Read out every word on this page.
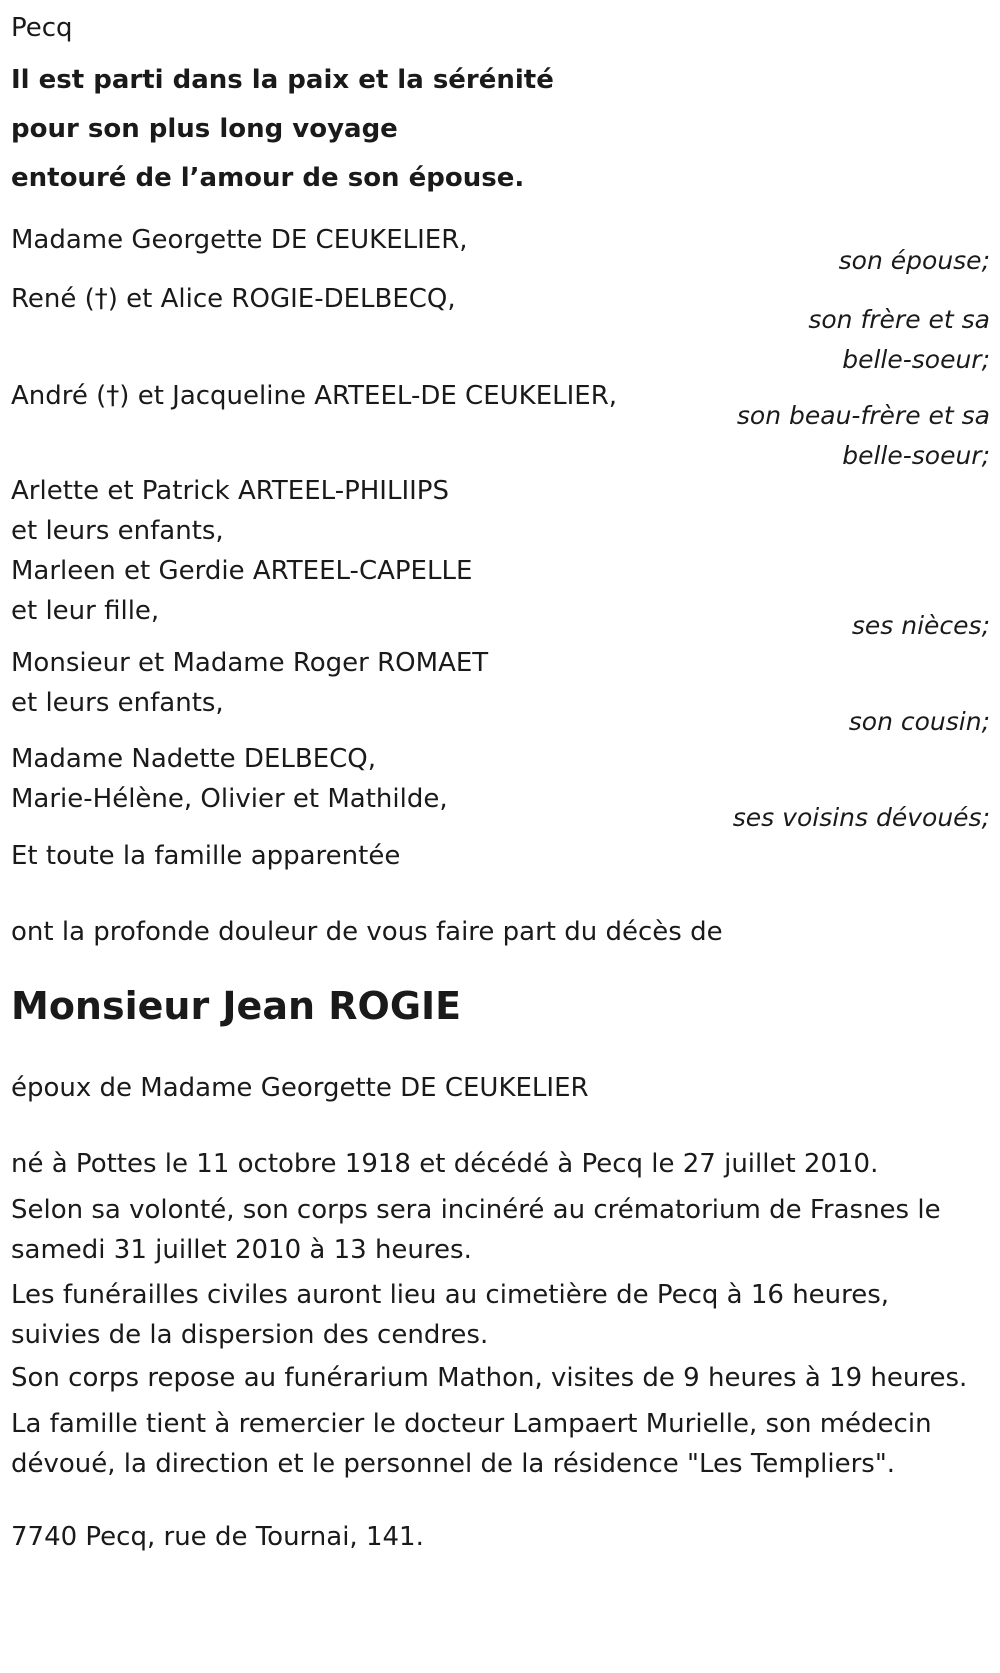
Pecq
Il est parti dans la paix et la sérénité
pour son plus long voyage
entouré de l’amour de son épouse.
Madame Georgette DE CEUKELIER,
son épouse;
René (†) et Alice ROGIE-DELBECQ,
son frère et sa
belle-soeur;
André (†) et Jacqueline ARTEEL-DE CEUKELIER,
son beau-frère et sa
belle-soeur;
Arlette et Patrick ARTEEL-PHILIIPS
et leurs enfants,
Marleen et Gerdie ARTEEL-CAPELLE
et leur fille,	ses nièces;
Monsieur et Madame Roger ROMAET
et leurs enfants,
son cousin;
Madame Nadette DELBECQ,
Marie-Hélène, Olivier et Mathilde,
ses voisins dévoués;
Et toute la famille apparentée
ont la profonde douleur de vous faire part du décès de
Monsieur Jean ROGIE
époux de Madame Georgette DE CEUKELIER
né à Pottes le 11 octobre 1918 et décédé à Pecq le 27 juillet 2010.
Selon sa volonté, son corps sera incinéré au crématorium de Frasnes le
samedi 31 juillet 2010 à 13 heures.
Les funérailles civiles auront lieu au cimetière de Pecq à 16 heures,
suivies de la dispersion des cendres.
Son corps repose au funérarium Mathon, visites de 9 heures à 19 heures.
La famille tient à remercier le docteur Lampaert Murielle, son médecin
dévoué, la direction et le personnel de la résidence "Les Templiers".
7740 Pecq, rue de Tournai, 141.
